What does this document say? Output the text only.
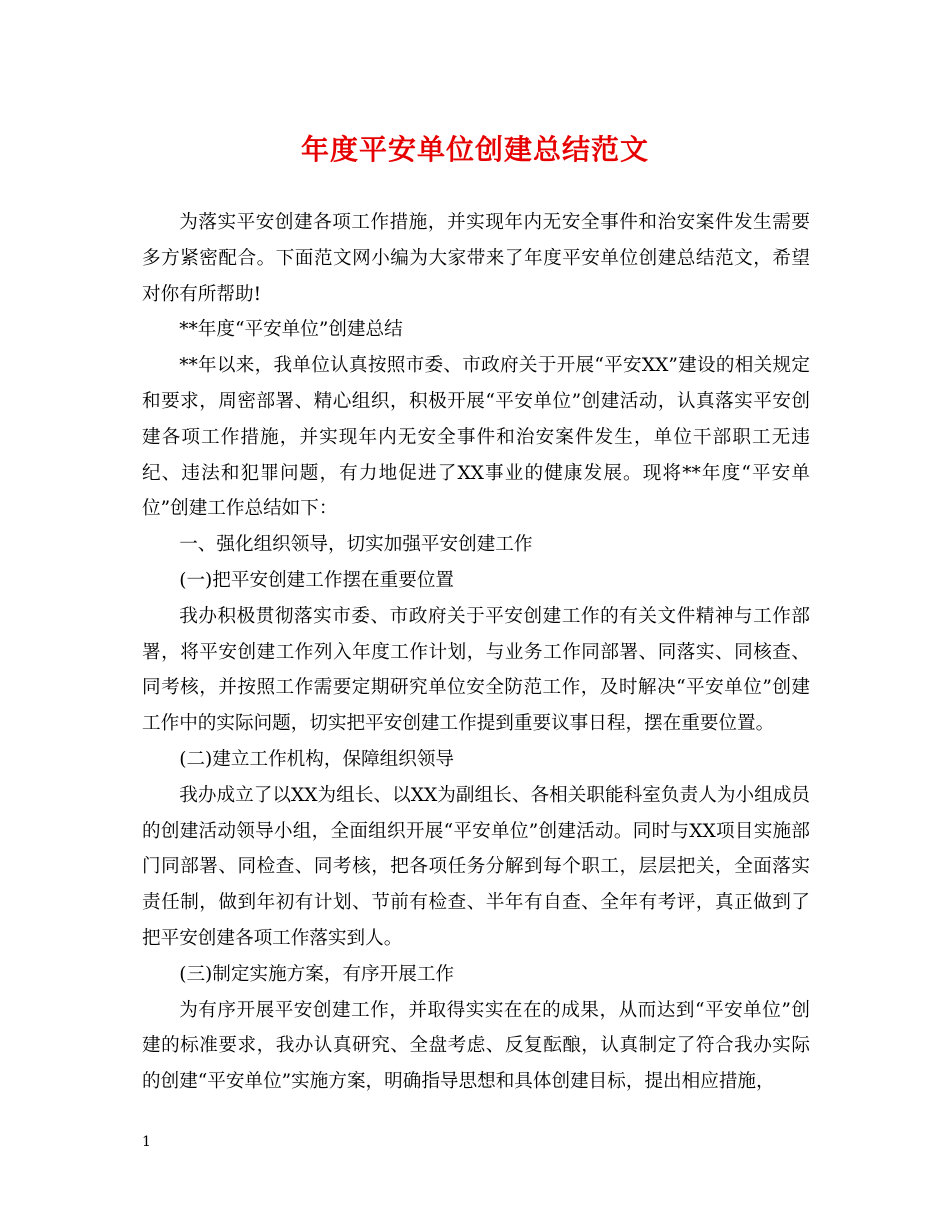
年度平安单位创建总结范文

为落实平安创建各项工作措施，并实现年内无安全事件和治安案件发生需要多方紧密配合。下面范文网小编为大家带来了年度平安单位创建总结范文，希望对你有所帮助!

**年度“平安单位”创建总结

**年以来，我单位认真按照市委、市政府关于开展“平安XX”建设的相关规定和要求，周密部署、精心组织，积极开展“平安单位”创建活动，认真落实平安创建各项工作措施，并实现年内无安全事件和治安案件发生，单位干部职工无违纪、违法和犯罪问题，有力地促进了XX事业的健康发展。现将**年度“平安单位”创建工作总结如下：

一、强化组织领导，切实加强平安创建工作

(一)把平安创建工作摆在重要位置

我办积极贯彻落实市委、市政府关于平安创建工作的有关文件精神与工作部署，将平安创建工作列入年度工作计划，与业务工作同部署、同落实、同核查、同考核，并按照工作需要定期研究单位安全防范工作，及时解决“平安单位”创建工作中的实际问题，切实把平安创建工作提到重要议事日程，摆在重要位置。

(二)建立工作机构，保障组织领导

我办成立了以XX为组长、以XX为副组长、各相关职能科室负责人为小组成员的创建活动领导小组，全面组织开展“平安单位”创建活动。同时与XX项目实施部门同部署、同检查、同考核，把各项任务分解到每个职工，层层把关，全面落实责任制，做到年初有计划、节前有检查、半年有自查、全年有考评，真正做到了把平安创建各项工作落实到人。

(三)制定实施方案，有序开展工作

为有序开展平安创建工作，并取得实实在在的成果，从而达到“平安单位”创建的标准要求，我办认真研究、全盘考虑、反复酝酿，认真制定了符合我办实际的创建“平安单位”实施方案，明确指导思想和具体创建目标，提出相应措施，

1
